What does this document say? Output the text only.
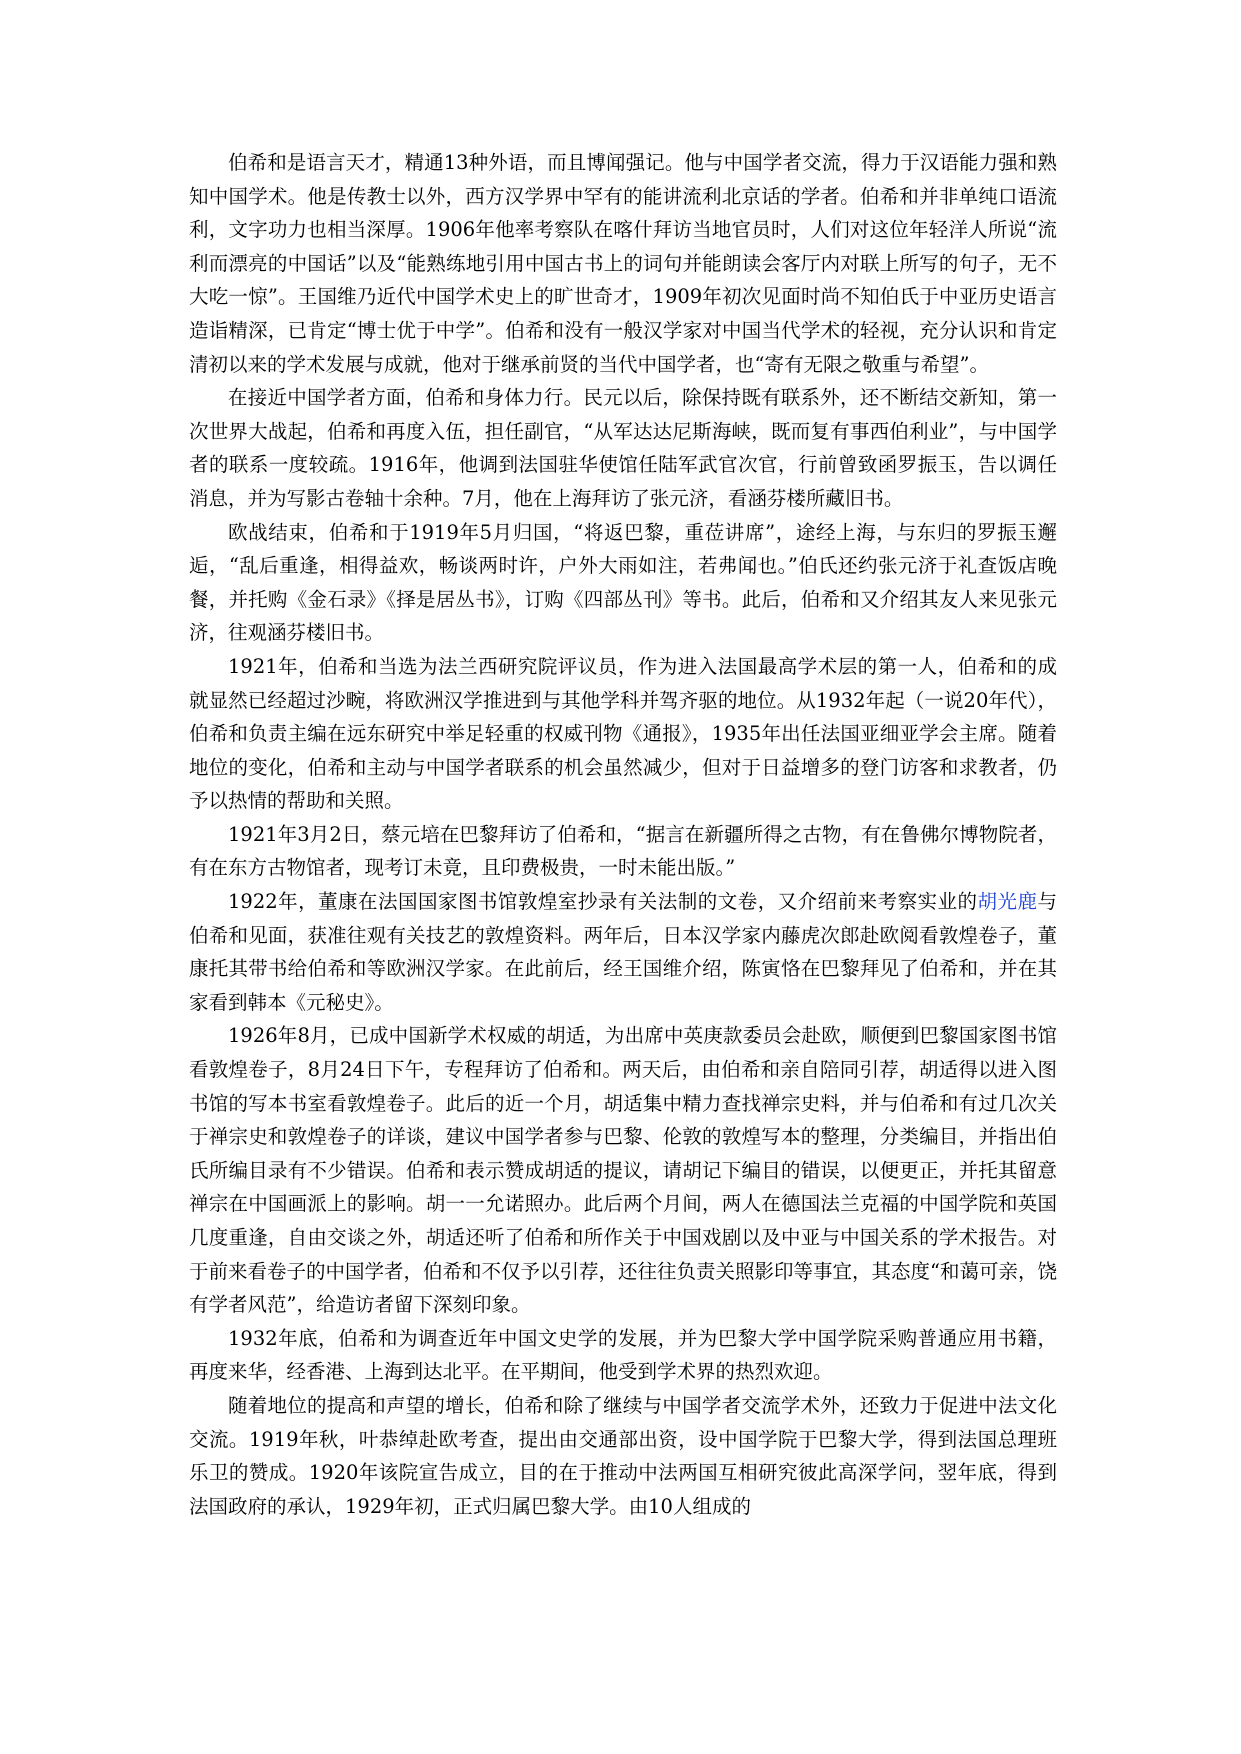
伯希和是语言天才，精通13种外语，而且博闻强记。他与中国学者交流，得力于汉语能力强和熟知中国学术。他是传教士以外，西方汉学界中罕有的能讲流利北京话的学者。伯希和并非单纯口语流利，文字功力也相当深厚。1906年他率考察队在喀什拜访当地官员时，人们对这位年轻洋人所说“流利而漂亮的中国话”以及“能熟练地引用中国古书上的词句并能朗读会客厅内对联上所写的句子，无不大吃一惊”。王国维乃近代中国学术史上的旷世奇才，1909年初次见面时尚不知伯氏于中亚历史语言造诣精深，已肯定“博士优于中学”。伯希和没有一般汉学家对中国当代学术的轻视，充分认识和肯定清初以来的学术发展与成就，他对于继承前贤的当代中国学者，也“寄有无限之敬重与希望”。

在接近中国学者方面，伯希和身体力行。民元以后，除保持既有联系外，还不断结交新知，第一次世界大战起，伯希和再度入伍，担任副官，“从军达达尼斯海峡，既而复有事西伯利业”，与中国学者的联系一度较疏。1916年，他调到法国驻华使馆任陆军武官次官，行前曾致函罗振玉，告以调任消息，并为写影古卷轴十余种。7月，他在上海拜访了张元济，看涵芬楼所藏旧书。

欧战结束，伯希和于1919年5月归国，“将返巴黎，重莅讲席”，途经上海，与东归的罗振玉邂逅，“乱后重逢，相得益欢，畅谈两时许，户外大雨如注，若弗闻也。”伯氏还约张元济于礼查饭店晚餐，并托购《金石录》《择是居丛书》，订购《四部丛刊》等书。此后，伯希和又介绍其友人来见张元济，往观涵芬楼旧书。

1921年，伯希和当选为法兰西研究院评议员，作为进入法国最高学术层的第一人，伯希和的成就显然已经超过沙畹，将欧洲汉学推进到与其他学科并驾齐驱的地位。从1932年起（一说20年代），伯希和负责主编在远东研究中举足轻重的权威刊物《通报》，1935年出任法国亚细亚学会主席。随着地位的变化，伯希和主动与中国学者联系的机会虽然减少，但对于日益增多的登门访客和求教者，仍予以热情的帮助和关照。

1921年3月2日，蔡元培在巴黎拜访了伯希和，“据言在新疆所得之古物，有在鲁佛尔博物院者，有在东方古物馆者，现考订未竟，且印费极贵，一时未能出版。”

1922年，董康在法国国家图书馆敦煌室抄录有关法制的文卷，又介绍前来考察实业的胡光鹿与伯希和见面，获准往观有关技艺的敦煌资料。两年后，日本汉学家内藤虎次郎赴欧阅看敦煌卷子，董康托其带书给伯希和等欧洲汉学家。在此前后，经王国维介绍，陈寅恪在巴黎拜见了伯希和，并在其家看到韩本《元秘史》。

1926年8月，已成中国新学术权威的胡适，为出席中英庚款委员会赴欧，顺便到巴黎国家图书馆看敦煌卷子，8月24日下午，专程拜访了伯希和。两天后，由伯希和亲自陪同引荐，胡适得以进入图书馆的写本书室看敦煌卷子。此后的近一个月，胡适集中精力查找禅宗史料，并与伯希和有过几次关于禅宗史和敦煌卷子的详谈，建议中国学者参与巴黎、伦敦的敦煌写本的整理，分类编目，并指出伯氏所编目录有不少错误。伯希和表示赞成胡适的提议，请胡记下编目的错误，以便更正，并托其留意禅宗在中国画派上的影响。胡一一允诺照办。此后两个月间，两人在德国法兰克福的中国学院和英国几度重逢，自由交谈之外，胡适还听了伯希和所作关于中国戏剧以及中亚与中国关系的学术报告。对于前来看卷子的中国学者，伯希和不仅予以引荐，还往往负责关照影印等事宜，其态度“和蔼可亲，饶有学者风范”，给造访者留下深刻印象。

1932年底，伯希和为调查近年中国文史学的发展，并为巴黎大学中国学院采购普通应用书籍，再度来华，经香港、上海到达北平。在平期间，他受到学术界的热烈欢迎。

随着地位的提高和声望的增长，伯希和除了继续与中国学者交流学术外，还致力于促进中法文化交流。1919年秋，叶恭绰赴欧考查，提出由交通部出资，设中国学院于巴黎大学，得到法国总理班乐卫的赞成。1920年该院宣告成立，目的在于推动中法两国互相研究彼此高深学问，翌年底，得到法国政府的承认，1929年初，正式归属巴黎大学。由10人组成的
